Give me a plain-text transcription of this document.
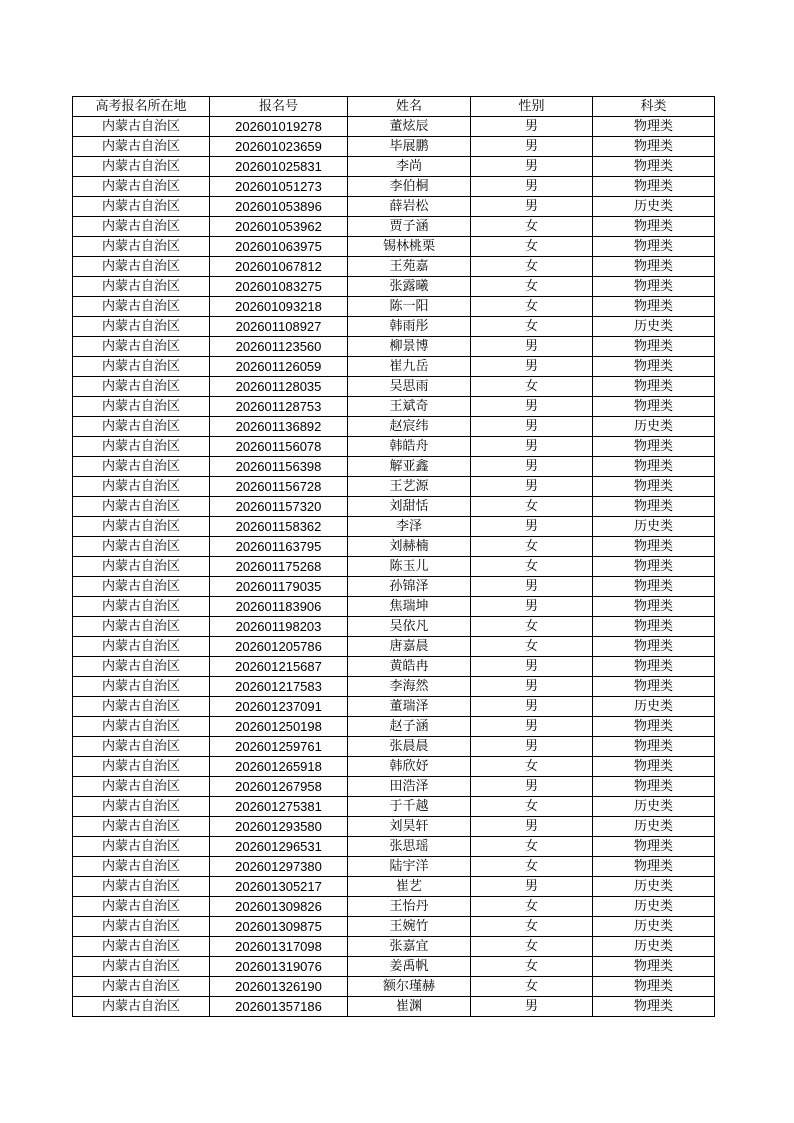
高考报名所在地	报名号	姓名	性别	科类
内蒙古自治区	202601019278	董炫辰	男	物理类
内蒙古自治区	202601023659	毕展鹏	男	物理类
内蒙古自治区	202601025831	李尚	男	物理类
内蒙古自治区	202601051273	李伯桐	男	物理类
内蒙古自治区	202601053896	薛岩松	男	历史类
内蒙古自治区	202601053962	贾子涵	女	物理类
内蒙古自治区	202601063975	锡林桃栗	女	物理类
内蒙古自治区	202601067812	王苑嘉	女	物理类
内蒙古自治区	202601083275	张露曦	女	物理类
内蒙古自治区	202601093218	陈一阳	女	物理类
内蒙古自治区	202601108927	韩雨彤	女	历史类
内蒙古自治区	202601123560	柳景博	男	物理类
内蒙古自治区	202601126059	崔九岳	男	物理类
内蒙古自治区	202601128035	吴思雨	女	物理类
内蒙古自治区	202601128753	王斌奇	男	物理类
内蒙古自治区	202601136892	赵宸纬	男	历史类
内蒙古自治区	202601156078	韩皓舟	男	物理类
内蒙古自治区	202601156398	解亚鑫	男	物理类
内蒙古自治区	202601156728	王艺源	男	物理类
内蒙古自治区	202601157320	刘甜恬	女	物理类
内蒙古自治区	202601158362	李泽	男	历史类
内蒙古自治区	202601163795	刘赫楠	女	物理类
内蒙古自治区	202601175268	陈玉儿	女	物理类
内蒙古自治区	202601179035	孙锦泽	男	物理类
内蒙古自治区	202601183906	焦瑞坤	男	物理类
内蒙古自治区	202601198203	吴依凡	女	物理类
内蒙古自治区	202601205786	唐嘉晨	女	物理类
内蒙古自治区	202601215687	黄皓冉	男	物理类
内蒙古自治区	202601217583	李海然	男	物理类
内蒙古自治区	202601237091	董瑞泽	男	历史类
内蒙古自治区	202601250198	赵子涵	男	物理类
内蒙古自治区	202601259761	张晨晨	男	物理类
内蒙古自治区	202601265918	韩欣妤	女	物理类
内蒙古自治区	202601267958	田浩泽	男	物理类
内蒙古自治区	202601275381	于千越	女	历史类
内蒙古自治区	202601293580	刘昊轩	男	历史类
内蒙古自治区	202601296531	张思瑶	女	物理类
内蒙古自治区	202601297380	陆宇洋	女	物理类
内蒙古自治区	202601305217	崔艺	男	历史类
内蒙古自治区	202601309826	王怡丹	女	历史类
内蒙古自治区	202601309875	王婉竹	女	历史类
内蒙古自治区	202601317098	张嘉宜	女	历史类
内蒙古自治区	202601319076	姜禹帆	女	物理类
内蒙古自治区	202601326190	额尔瑾赫	女	物理类
内蒙古自治区	202601357186	崔渊	男	物理类
